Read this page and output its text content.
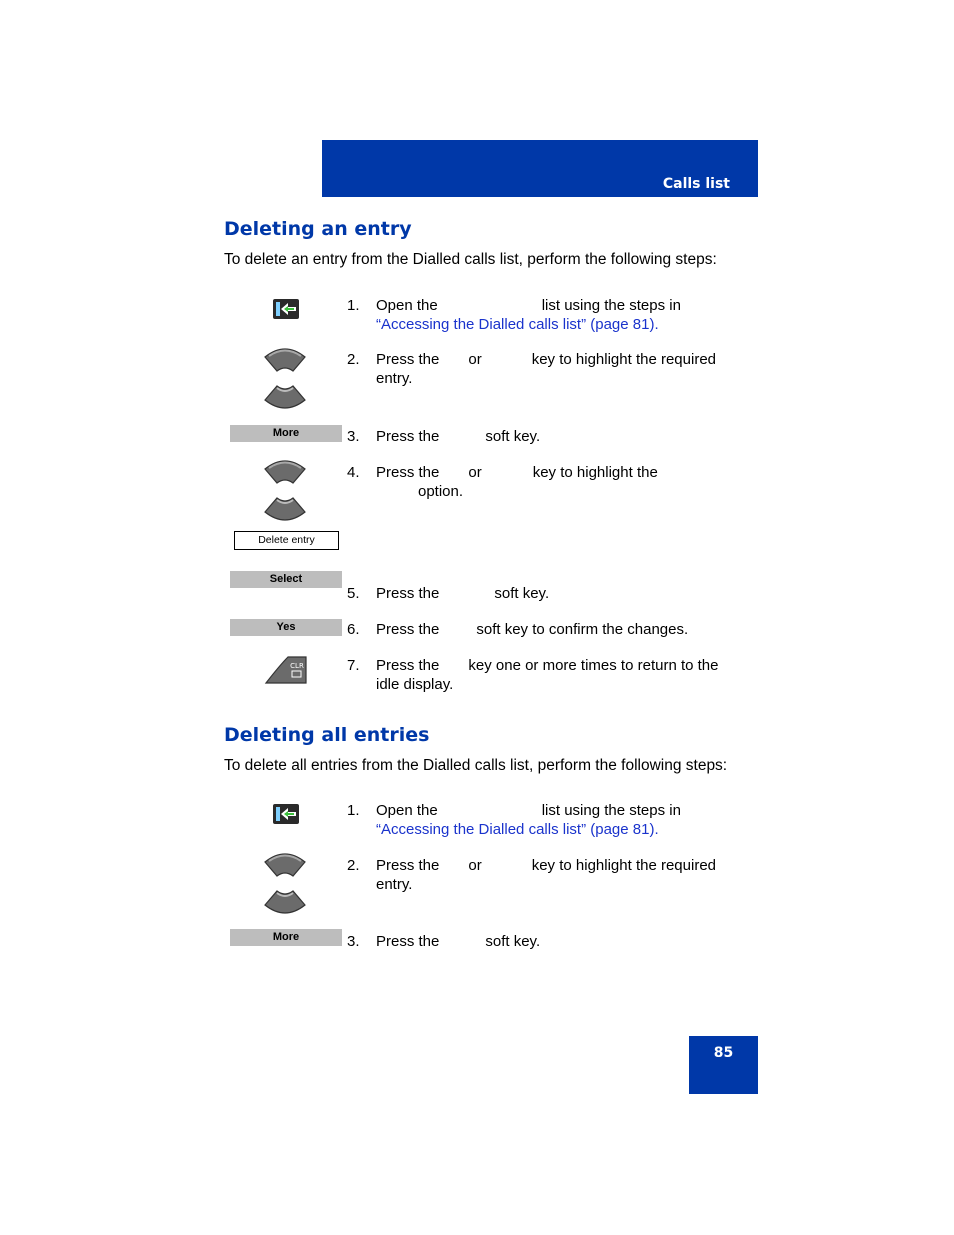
Calls list
Deleting an entry

To delete an entry from the Dialled calls list, perform the following steps:

1. Open the	list using the steps in
“Accessing the Dialled calls list” (page 81).

2. Press the or	key to highlight the required
entry.

More	3. Press the	soft key.

4. Press the or	key to highlight the
option.

Delete entry
Select
5. Press the	soft key.

Yes	6. Press the soft key to confirm the changes.

CLR	7. Press the key one or more times to return to the
idle display.

Deleting all entries

To delete all entries from the Dialled calls list, perform the following steps:

1. Open the	list using the steps in
“Accessing the Dialled calls list” (page 81).

2. Press the or	key to highlight the required
entry.

More	3. Press the	soft key.

85
